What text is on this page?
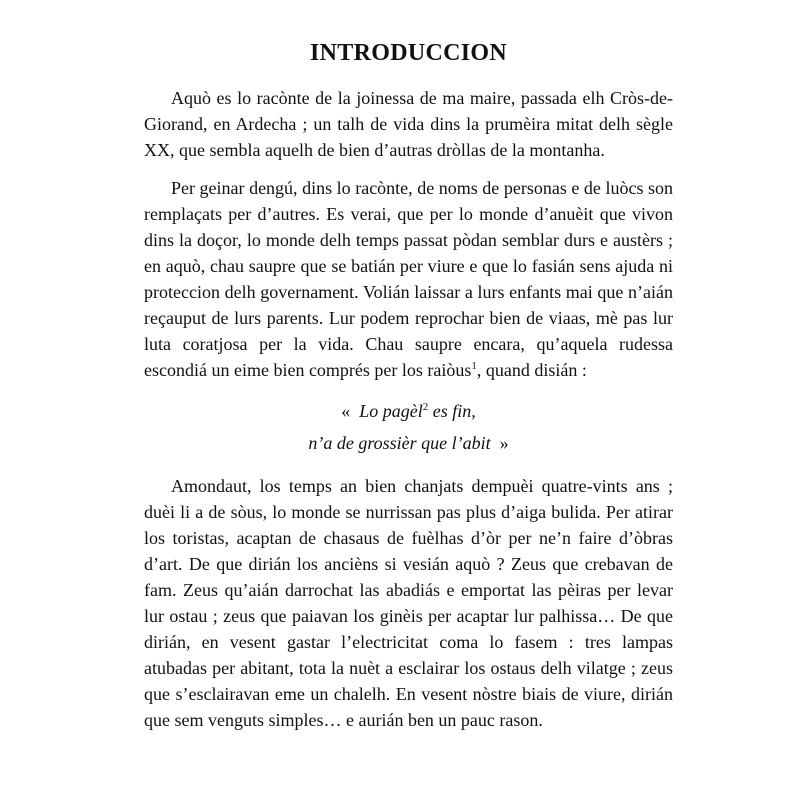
INTRODUCCION

Aquò es lo racònte de la joinessa de ma maire, passada elh Cròs-de-Giorand, en Ardecha ; un talh de vida dins la prumèira mitat delh sègle XX, que sembla aquelh de bien d’autras dròllas de la montanha.

Per geinar dengú, dins lo racònte, de noms de personas e de luòcs son remplaçats per d’autres. Es verai, que per lo monde d’anuèit que vivon dins la doçor, lo monde delh temps passat pòdan semblar durs e austèrs ; en aquò, chau saupre que se batián per viure e que lo fasián sens ajuda ni proteccion delh governament. Volián laissar a lurs enfants mai que n’aián reçauput de lurs parents. Lur podem reprochar bien de viaas, mè pas lur luta coratjosa per la vida. Chau saupre encara, qu’aquela rudessa escondiá un eime bien comprés per los raiòus$^1$, quand disián :

« Lo pagèl$^2$ es fin,
n’a de grossièr que l’abit »

Amondaut, los temps an bien chanjats dempuèi quatre-vints ans ; duèi li a de sòus, lo monde se nurrissan pas plus d’aiga bulida. Per atirar los toristas, acaptan de chasaus de fuèlhas d’òr per ne’n faire d’òbras d’art. De que dirián los ancièns si vesián aquò ? Zeus que crebavan de fam. Zeus qu’aián darrochat las abadiás e emportat las pèiras per levar lur ostau ; zeus que paiavan los ginèis per acaptar lur palhissa… De que dirián, en vesent gastar l’electricitat coma lo fasem : tres lampas atubadas per abitant, tota la nuèt a esclairar los ostaus delh vilatge ; zeus que s’esclairavan eme un chalelh. En vesent nòstre biais de viure, dirián que sem venguts simples… e aurián ben un pauc rason.
